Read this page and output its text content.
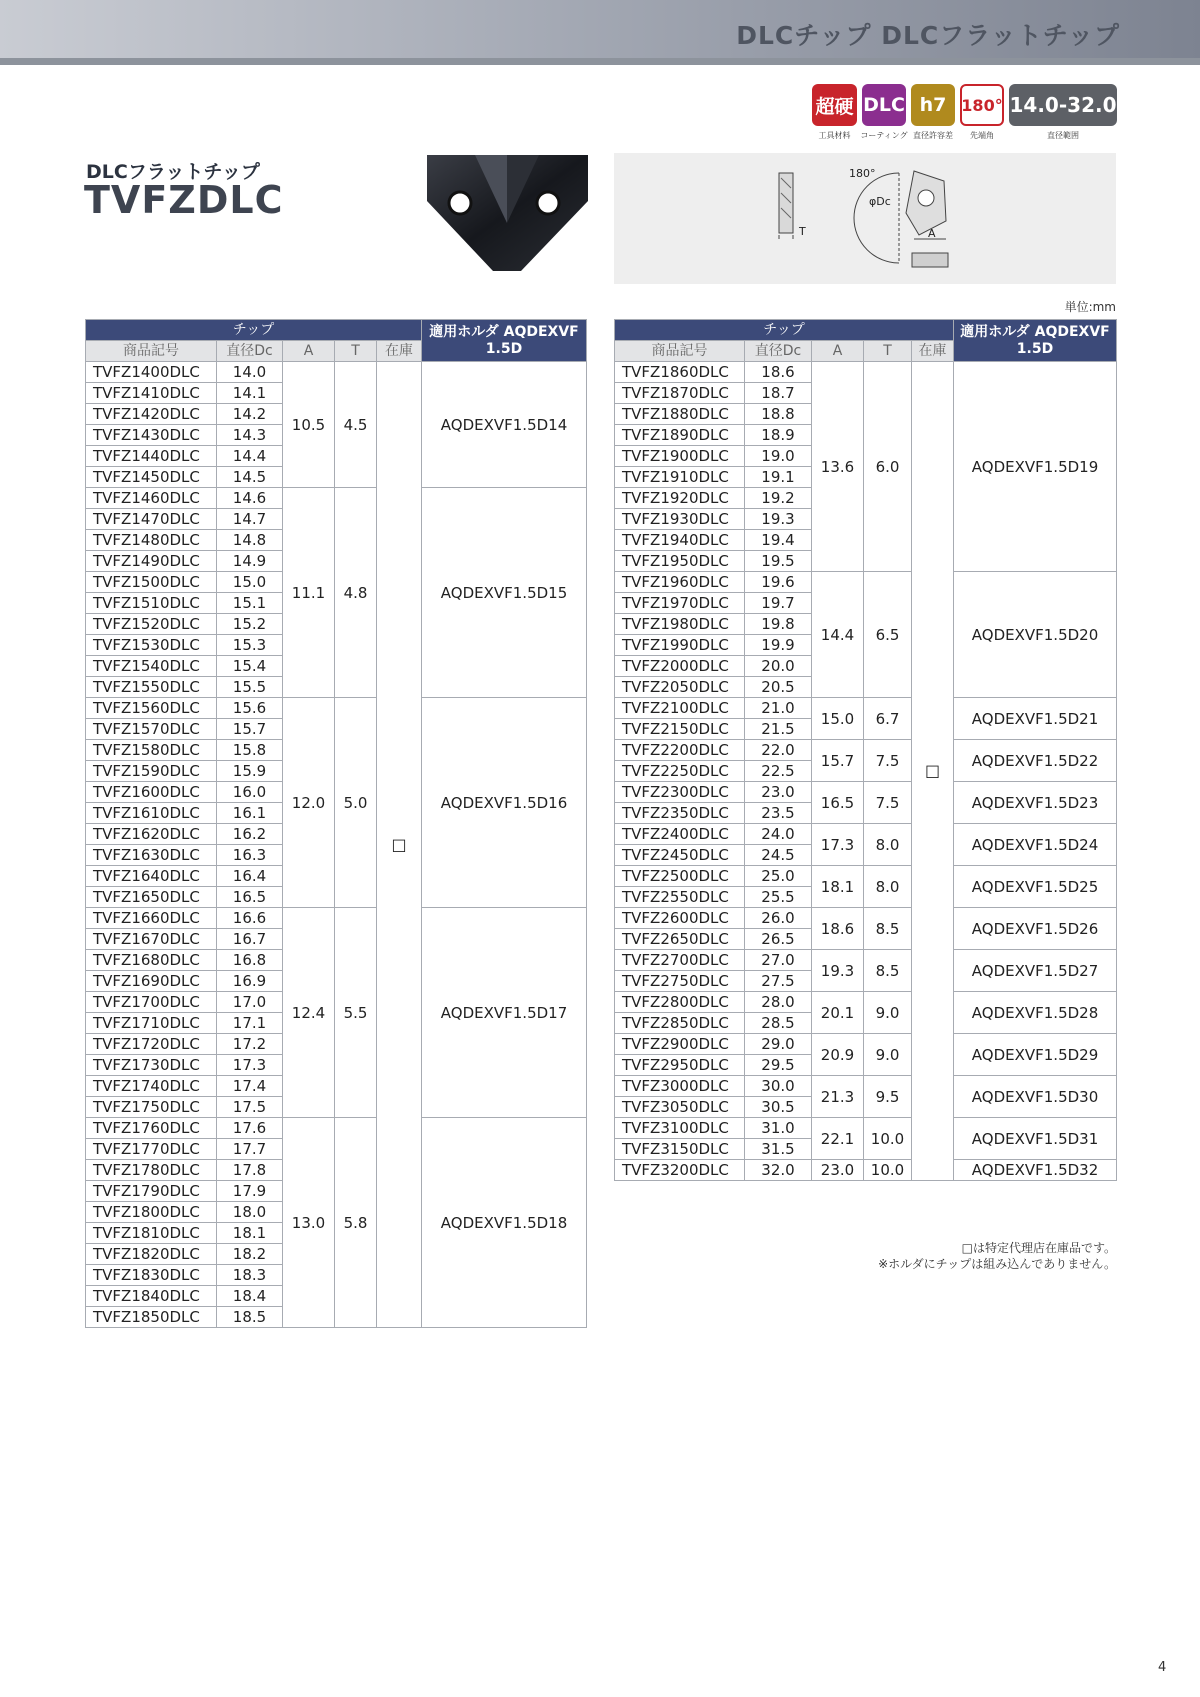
DLCチップ DLCフラットチップ
超硬
工具材料
DLC
コーティング
h7
直径許容差
180°
先端角
14.0-32.0
直径範囲
DLCフラットチップ
TVFZDLC
180°
φDc
A
T
単位:mm
チップ					適用ホルダ AQDEXVF 1.5D
商品記号	直径Dc	A	T	在庫	
TVFZ1400DLC	14.0	10.5	4.5	□	AQDEXVF1.5D14
TVFZ1410DLC	14.1				
TVFZ1420DLC	14.2				
TVFZ1430DLC	14.3				
TVFZ1440DLC	14.4				
TVFZ1450DLC	14.5				
TVFZ1460DLC	14.6	11.1	4.8		AQDEXVF1.5D15
TVFZ1470DLC	14.7				
TVFZ1480DLC	14.8				
TVFZ1490DLC	14.9				
TVFZ1500DLC	15.0				
TVFZ1510DLC	15.1				
TVFZ1520DLC	15.2				
TVFZ1530DLC	15.3				
TVFZ1540DLC	15.4				
TVFZ1550DLC	15.5				
TVFZ1560DLC	15.6	12.0	5.0		AQDEXVF1.5D16
TVFZ1570DLC	15.7				
TVFZ1580DLC	15.8				
TVFZ1590DLC	15.9				
TVFZ1600DLC	16.0				
TVFZ1610DLC	16.1				
TVFZ1620DLC	16.2				
TVFZ1630DLC	16.3				
TVFZ1640DLC	16.4				
TVFZ1650DLC	16.5				
TVFZ1660DLC	16.6	12.4	5.5		AQDEXVF1.5D17
TVFZ1670DLC	16.7				
TVFZ1680DLC	16.8				
TVFZ1690DLC	16.9				
TVFZ1700DLC	17.0				
TVFZ1710DLC	17.1				
TVFZ1720DLC	17.2				
TVFZ1730DLC	17.3				
TVFZ1740DLC	17.4				
TVFZ1750DLC	17.5				
TVFZ1760DLC	17.6	13.0	5.8		AQDEXVF1.5D18
TVFZ1770DLC	17.7				
TVFZ1780DLC	17.8				
TVFZ1790DLC	17.9				
TVFZ1800DLC	18.0				
TVFZ1810DLC	18.1				
TVFZ1820DLC	18.2				
TVFZ1830DLC	18.3				
TVFZ1840DLC	18.4				
TVFZ1850DLC	18.5				
チップ					適用ホルダ AQDEXVF 1.5D
商品記号	直径Dc	A	T	在庫	
TVFZ1860DLC	18.6	13.6	6.0	□	AQDEXVF1.5D19
TVFZ1870DLC	18.7				
TVFZ1880DLC	18.8				
TVFZ1890DLC	18.9				
TVFZ1900DLC	19.0				
TVFZ1910DLC	19.1				
TVFZ1920DLC	19.2				
TVFZ1930DLC	19.3				
TVFZ1940DLC	19.4				
TVFZ1950DLC	19.5				
TVFZ1960DLC	19.6	14.4	6.5		AQDEXVF1.5D20
TVFZ1970DLC	19.7				
TVFZ1980DLC	19.8				
TVFZ1990DLC	19.9				
TVFZ2000DLC	20.0				
TVFZ2050DLC	20.5				
TVFZ2100DLC	21.0	15.0	6.7		AQDEXVF1.5D21
TVFZ2150DLC	21.5				
TVFZ2200DLC	22.0	15.7	7.5		AQDEXVF1.5D22
TVFZ2250DLC	22.5				
TVFZ2300DLC	23.0	16.5	7.5		AQDEXVF1.5D23
TVFZ2350DLC	23.5				
TVFZ2400DLC	24.0	17.3	8.0		AQDEXVF1.5D24
TVFZ2450DLC	24.5				
TVFZ2500DLC	25.0	18.1	8.0		AQDEXVF1.5D25
TVFZ2550DLC	25.5				
TVFZ2600DLC	26.0	18.6	8.5		AQDEXVF1.5D26
TVFZ2650DLC	26.5				
TVFZ2700DLC	27.0	19.3	8.5		AQDEXVF1.5D27
TVFZ2750DLC	27.5				
TVFZ2800DLC	28.0	20.1	9.0		AQDEXVF1.5D28
TVFZ2850DLC	28.5				
TVFZ2900DLC	29.0	20.9	9.0		AQDEXVF1.5D29
TVFZ2950DLC	29.5				
TVFZ3000DLC	30.0	21.3	9.5		AQDEXVF1.5D30
TVFZ3050DLC	30.5				
TVFZ3100DLC	31.0	22.1	10.0		AQDEXVF1.5D31
TVFZ3150DLC	31.5				
TVFZ3200DLC	32.0	23.0	10.0		AQDEXVF1.5D32
□は特定代理店在庫品です。
※ホルダにチップは組み込んでありません。
4
